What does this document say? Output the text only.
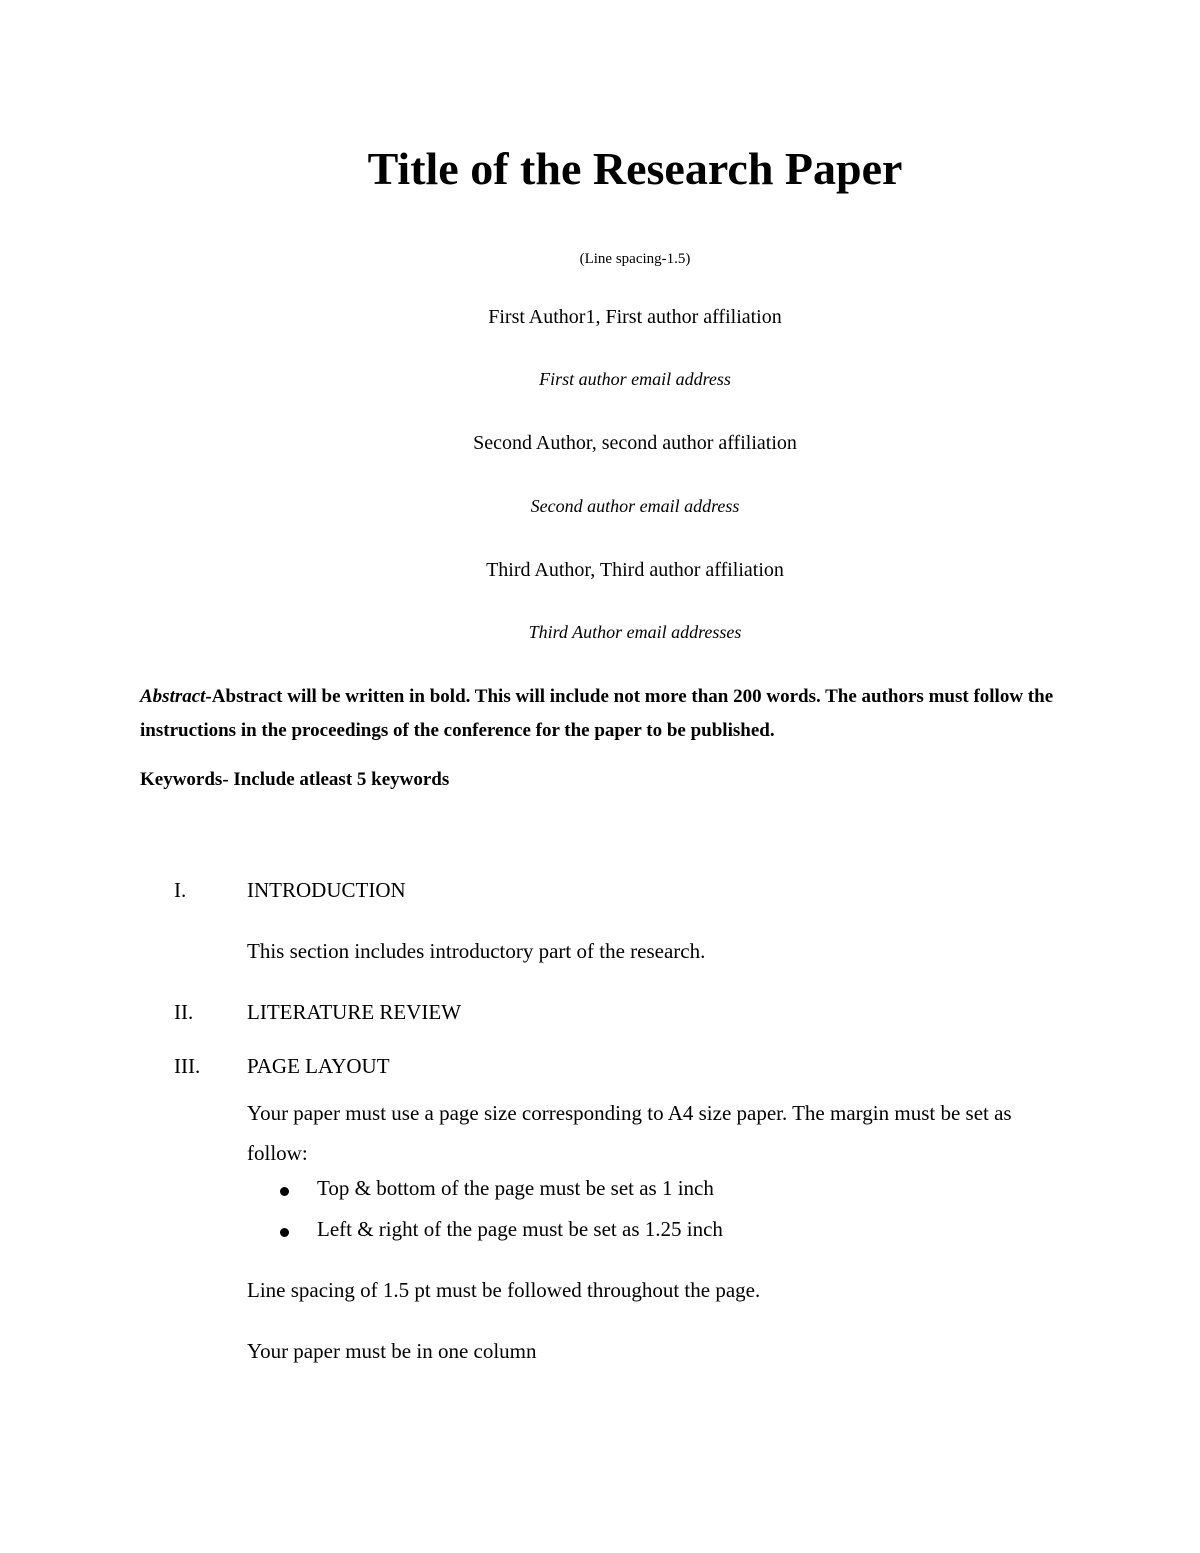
Title of the Research Paper
(Line spacing-1.5)
First Author1, First author affiliation
First author email address
Second Author, second author affiliation
Second author email address
Third Author, Third author affiliation
Third Author email addresses
Abstract-Abstract will be written in bold. This will include not more than 200 words. The authors must follow the instructions in the proceedings of the conference for the paper to be published.
Keywords- Include atleast 5 keywords
I.	INTRODUCTION
This section includes introductory part of the research.
II.	LITERATURE REVIEW
III. PAGE LAYOUT
Your paper must use a page size corresponding to A4 size paper. The margin must be set as follow:
Top & bottom of the page must be set as 1 inch
Left & right of the page must be set as 1.25 inch
Line spacing of 1.5 pt must be followed throughout the page.
Your paper must be in one column
